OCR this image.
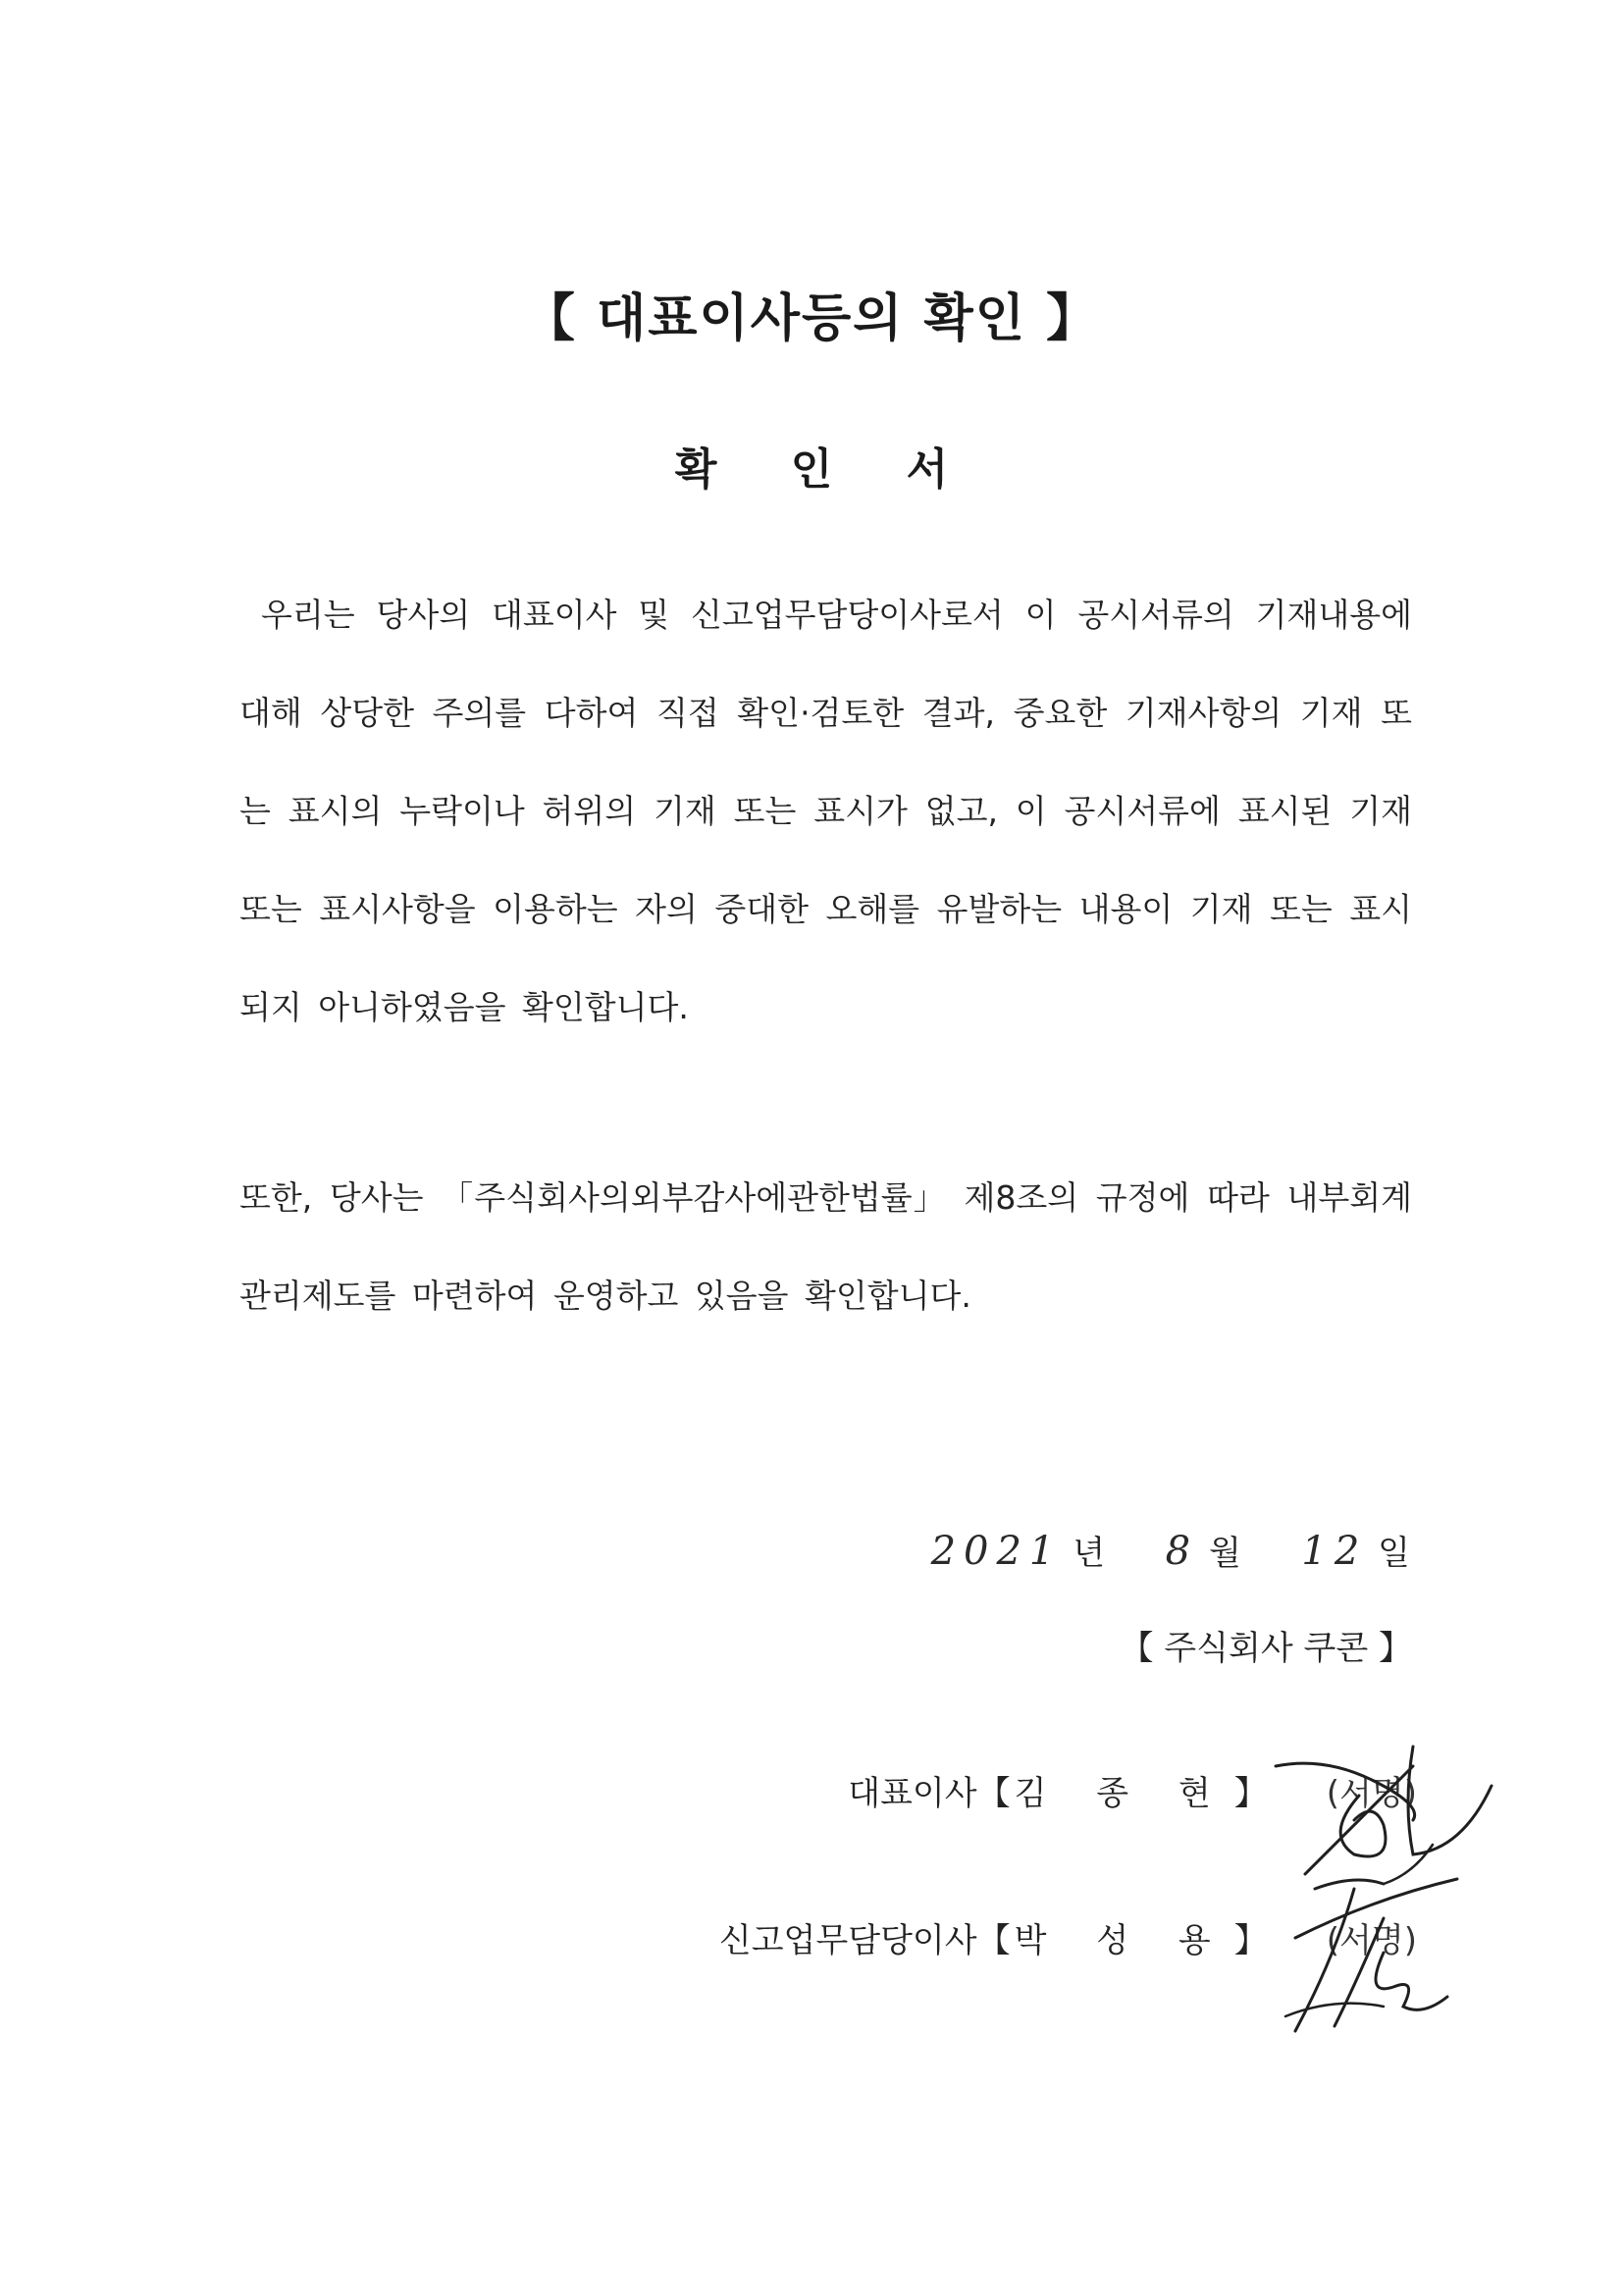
【 대표이사등의 확인 】
확 인 서

우리는 당사의 대표이사 및 신고업무담당이사로서 이 공시서류의 기재내용에 대해 상당한 주의를 다하여 직접 확인·검토한 결과, 중요한 기재사항의 기재 또는 표시의 누락이나 허위의 기재 또는 표시가 없고, 이 공시서류에 표시된 기재 또는 표시사항을 이용하는 자의 중대한 오해를 유발하는 내용이 기재 또는 표시되지 아니하였음을 확인합니다.

또한, 당사는 「주식회사의외부감사에관한법률」 제8조의 규정에 따라 내부회계관리제도를 마련하여 운영하고 있음을 확인합니다.

2021 년 8 월 12 일
【 주식회사 쿠콘 】
대표이사 【 김 종 현 】 (서명)
신고업무담당이사 【 박 성 용 】 (서명)
